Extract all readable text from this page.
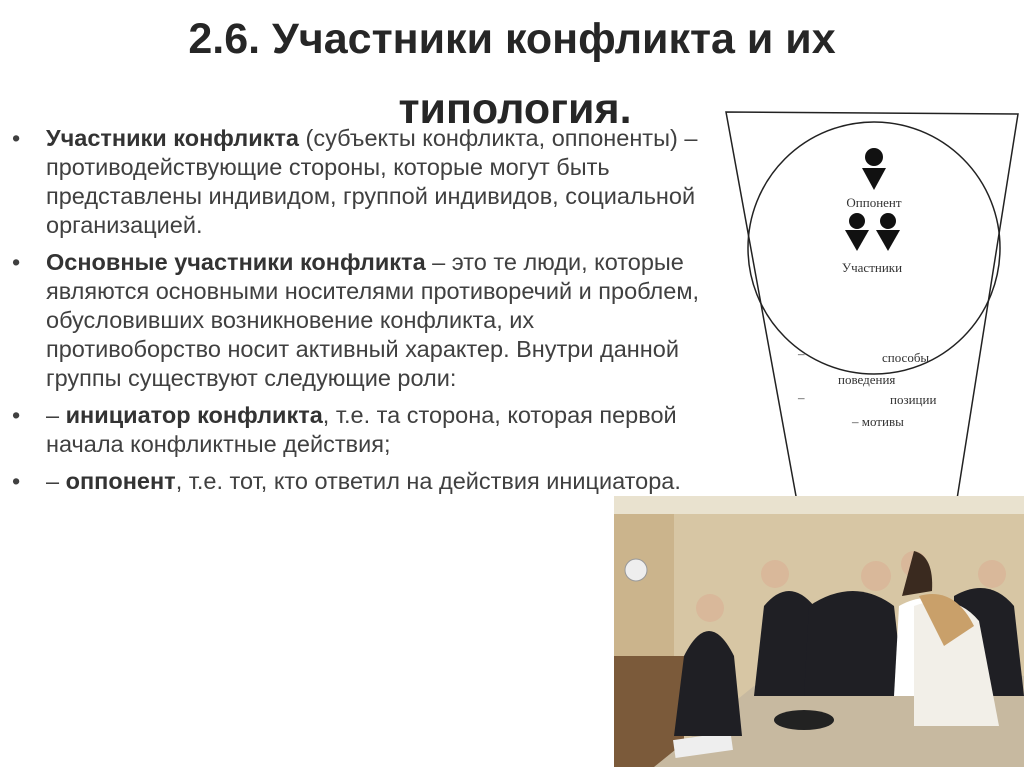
2.6. Участники конфликта и их
типология.
• Участники конфликта (субъекты конфликта, оппоненты) – противодействующие стороны, которые могут быть представлены индивидом, группой индивидов, социальной организацией.
• Основные участники конфликта – это те люди, которые являются основными носителями противоречий и проблем, обусловивших возникновение конфликта, их противоборство носит активный характер. Внутри данной группы существуют следующие роли:
• – инициатор конфликта, т.е. та сторона, которая первой начала конфликтные действия;
• – оппонент, т.е. тот, кто ответил на действия инициатора.
Оппонент
Участники
–	способы
поведения
–	позиции
– мотивы
